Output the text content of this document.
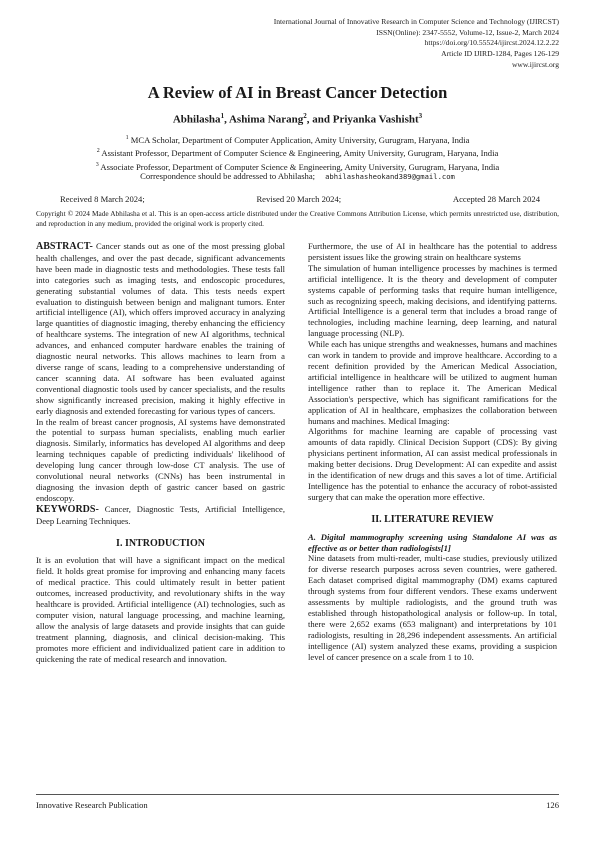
International Journal of Innovative Research in Computer Science and Technology (IJIRCST)
ISSN(Online): 2347-5552, Volume-12, Issue-2, March 2024
https://doi.org/10.55524/ijircst.2024.12.2.22
Article ID IJIRD-1284, Pages 126-129
www.ijircst.org
A Review of AI in Breast Cancer Detection
Abhilasha$^1$, Ashima Narang$^2$, and Priyanka Vashisht$^3$
$^1$ MCA Scholar, Department of Computer Application, Amity University, Gurugram, Haryana, India
$^2$ Assistant Professor, Department of Computer Science & Engineering, Amity University, Gurugram, Haryana, India
$^3$ Associate Professor, Department of Computer Science & Engineering, Amity University, Gurugram, Haryana, India
Correspondence should be addressed to Abhilasha; abhilashasheokand389@gmail.com
Received 8 March 2024;	Revised 20 March 2024;	Accepted 28 March 2024
Copyright © 2024 Made Abhilasha et al. This is an open-access article distributed under the Creative Commons Attribution License, which permits unrestricted use, distribution, and reproduction in any medium, provided the original work is properly cited.

ABSTRACT- Cancer stands out as one of the most pressing global health challenges, and over the past decade, significant advancements have been made in diagnostic tests and methodologies. These tests fall into categories such as imaging tests, and endoscopic procedures, generating substantial volumes of data. This tests needs expert evaluation to distinguish between benign and malignant tumors. Enter artificial intelligence (AI), which offers improved accuracy in analyzing large quantities of diagnostic imaging, thereby enhancing the efficiency of healthcare systems. The integration of new AI algorithms, technical advances, and enhanced computer hardware enables the training of diagnostic neural networks. This allows machines to learn from a diverse range of scans, leading to a comprehensive understanding of cancer scanning data. AI software has been evaluated against conventional diagnostic tools used by cancer specialists, and the results show significantly increased precision, making it highly effective in early diagnosis and extended forecasting for various types of cancers.

In the realm of breast cancer prognosis, AI systems have demonstrated the potential to surpass human specialists, enabling much earlier diagnosis. Similarly, informatics has developed AI algorithms and deep learning techniques capable of predicting individuals' likelihood of developing lung cancer through low-dose CT analysis. The use of convolutional neural networks (CNNs) has been instrumental in diagnosing the invasion depth of gastric cancer based on gastric endoscopy.

KEYWORDS- Cancer, Diagnostic Tests, Artificial Intelligence, Deep Learning Techniques.

I. INTRODUCTION

It is an evolution that will have a significant impact on the medical field. It holds great promise for improving and enhancing many facets of medical practice. This could ultimately result in better patient outcomes, increased productivity, and revolutionary shifts in the way healthcare is provided. Artificial intelligence (AI) technologies, such as computer vision, natural language processing, and machine learning, allow the analysis of large datasets and provide insights that can guide treatment planning, diagnosis, and clinical decision-making. This promotes more efficient and individualized patient care in addition to quickening the rate of medical research and innovation.

Furthermore, the use of AI in healthcare has the potential to address persistent issues like the growing strain on healthcare systems

The simulation of human intelligence processes by machines is termed artificial intelligence. It is the theory and development of computer systems capable of performing tasks that require human intelligence, such as recognizing speech, making decisions, and identifying patterns. Artificial Intelligence is a general term that includes a broad range of technologies, including machine learning, deep learning, and natural language processing (NLP).

While each has unique strengths and weaknesses, humans and machines can work in tandem to provide and improve healthcare. According to a recent definition provided by the American Medical Association, artificial intelligence in healthcare will be utilized to augment human intelligence rather than to replace it. The American Medical Association's perspective, which has significant ramifications for the application of AI in healthcare, emphasizes the collaboration between humans and machines. Medical Imaging:

Algorithms for machine learning are capable of processing vast amounts of data rapidly. Clinical Decision Support (CDS): By giving physicians pertinent information, AI can assist medical professionals in making better decisions. Drug Development: AI can expedite and assist in the identification of new drugs and this saves a lot of time. Artificial Intelligence has the potential to enhance the accuracy of robot-assisted surgery that can make the operation more effective.

II. LITERATURE REVIEW
A. Digital mammography screening using Standalone AI was as effective as or better than radiologists[1]

Nine datasets from multi-reader, multi-case studies, previously utilized for diverse research purposes across seven countries, were gathered. Each dataset comprised digital mammography (DM) exams captured through systems from four different vendors. These exams underwent assessments by multiple radiologists, and the ground truth was established through histopathological analysis or follow-up. In total, there were 2,652 exams (653 malignant) and interpretations by 101 radiologists, resulting in 28,296 independent assessments. An artificial intelligence (AI) system analyzed these exams, providing a suspicion level of cancer presence on a scale from 1 to 10.

Innovative Research Publication	126
